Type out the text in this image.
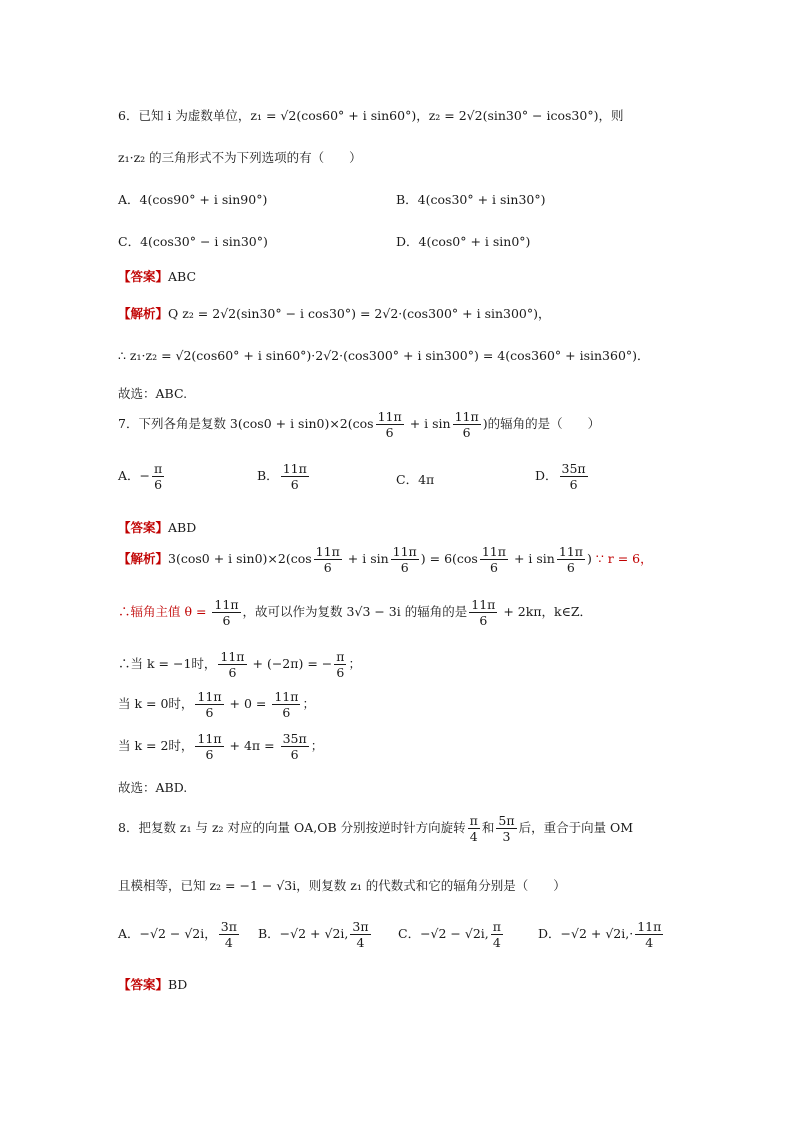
6．已知 i 为虚数单位，z₁ = √2(cos60° + i sin60°)，z₂ = 2√2(sin30° − icos30°)，则
z₁·z₂ 的三角形式不为下列选项的有（　　）
A．4(cos90° + i sin90°)	B．4(cos30° + i sin30°)
C．4(cos30° − i sin30°)	D．4(cos0° + i sin0°)
【答案】ABC
【解析】Q z₂ = 2√2(sin30° − i cos30°) = 2√2·(cos300° + i sin300°)，
∴ z₁·z₂ = √2(cos60° + i sin60°)·2√2·(cos300° + i sin300°) = 4(cos360° + isin360°)．
故选：ABC.
7．下列各角是复数 3(cos0 + i $\sin 0)\times 2(\cos \frac{11\pi}{6} + i$ $\sin \frac{11\pi}{6}$ )的辐角的是（　　）
A．− $\frac{\pi}{6}$	B． $\frac{11\pi}{6}$	C．4π	D． $\frac{35\pi}{6}$
【答案】ABD
【解析】3(cos0 + i $\sin 0)\times 2(\cos \frac{11\pi}{6} + i$ $\sin \frac{11\pi}{6}$ ) = $6(\cos \frac{11\pi}{6} + i$ $\sin \frac{11\pi}{6}$ ) ∵ r = 6，
∴辐角主值 $\theta = \frac{11\pi}{6}$ ，故可以作为复数 3√3 − 3i 的辐角的是 $\frac{11\pi}{6} + 2k\pi$，k∈Z．
∴当 k = −1时， $\frac{11\pi}{6} + (-2\pi)$ = − $\frac{\pi}{6}$ ；
当 k = 0时， $\frac{11\pi}{6} + 0 = \frac{11\pi}{6}$ ；
当 k = 2时， $\frac{11\pi}{6} + 4\pi = \frac{35\pi}{6}$ ；
故选：ABD.
8．把复数 z₁ 与 z₂ 对应的向量 OA,OB 分别按逆时针方向旋转 $\frac{\pi}{4}$ 和 $\frac{5\pi}{3}$ 后，重合于向量 OM
且模相等，已知 z₂ = −1 − √3i，则复数 z₁ 的代数式和它的辐角分别是（　　）
A．−√2 − √2i， $\frac{3\pi}{4}$ B．−√2 + √2i, $\frac{3\pi}{4}$ C．−√2 − √2i, $\frac{\pi}{4}$	D．$-√2 + √2i,\cdot \frac{11\pi}{4}$
【答案】BD
